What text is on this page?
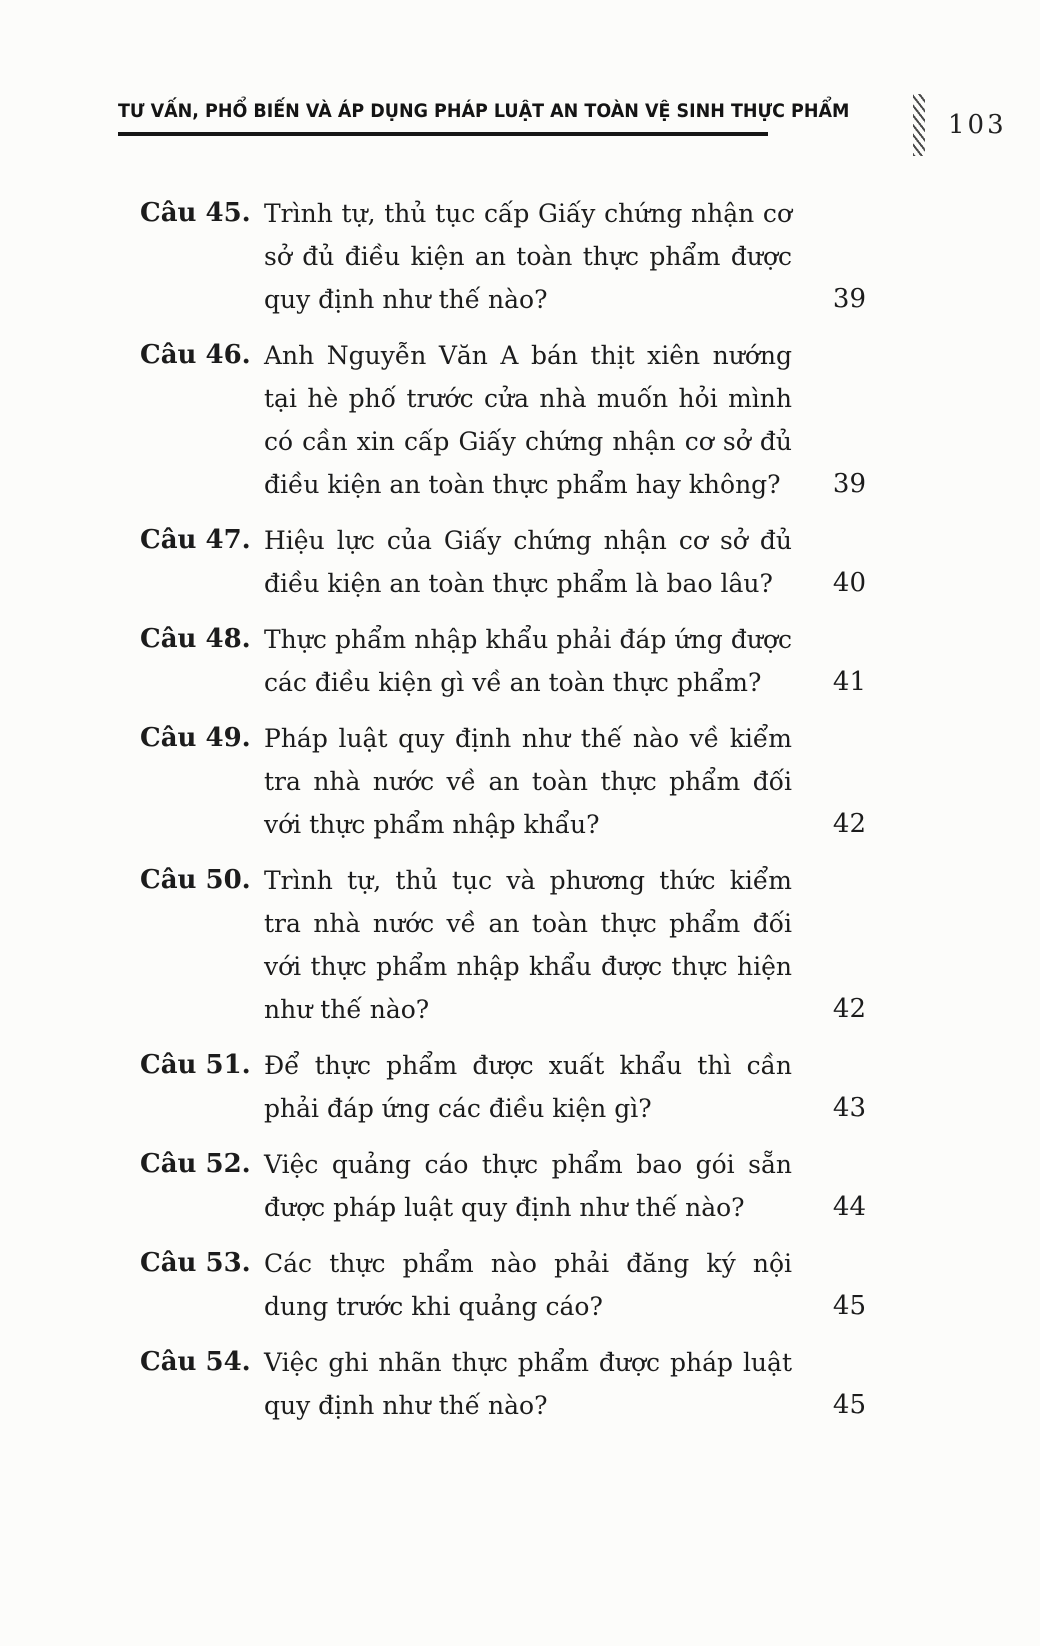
TƯ VẤN, PHỔ BIẾN VÀ ÁP DỤNG PHÁP LUẬT AN TOÀN VỆ SINH THỰC PHẨM	103
Câu 45. Trình tự, thủ tục cấp Giấy chứng nhận cơ sở đủ điều kiện an toàn thực phẩm được quy định như thế nào?	39
Câu 46. Anh Nguyễn Văn A bán thịt xiên nướng tại hè phố trước cửa nhà muốn hỏi mình có cần xin cấp Giấy chứng nhận cơ sở đủ điều kiện an toàn thực phẩm hay không?	39
Câu 47. Hiệu lực của Giấy chứng nhận cơ sở đủ điều kiện an toàn thực phẩm là bao lâu?	40
Câu 48. Thực phẩm nhập khẩu phải đáp ứng được các điều kiện gì về an toàn thực phẩm?	41
Câu 49. Pháp luật quy định như thế nào về kiểm tra nhà nước về an toàn thực phẩm đối với thực phẩm nhập khẩu?	42
Câu 50. Trình tự, thủ tục và phương thức kiểm tra nhà nước về an toàn thực phẩm đối với thực phẩm nhập khẩu được thực hiện như thế nào?	42
Câu 51. Để thực phẩm được xuất khẩu thì cần phải đáp ứng các điều kiện gì?	43
Câu 52. Việc quảng cáo thực phẩm bao gói sẵn được pháp luật quy định như thế nào?	44
Câu 53. Các thực phẩm nào phải đăng ký nội dung trước khi quảng cáo?	45
Câu 54. Việc ghi nhãn thực phẩm được pháp luật quy định như thế nào?	45
